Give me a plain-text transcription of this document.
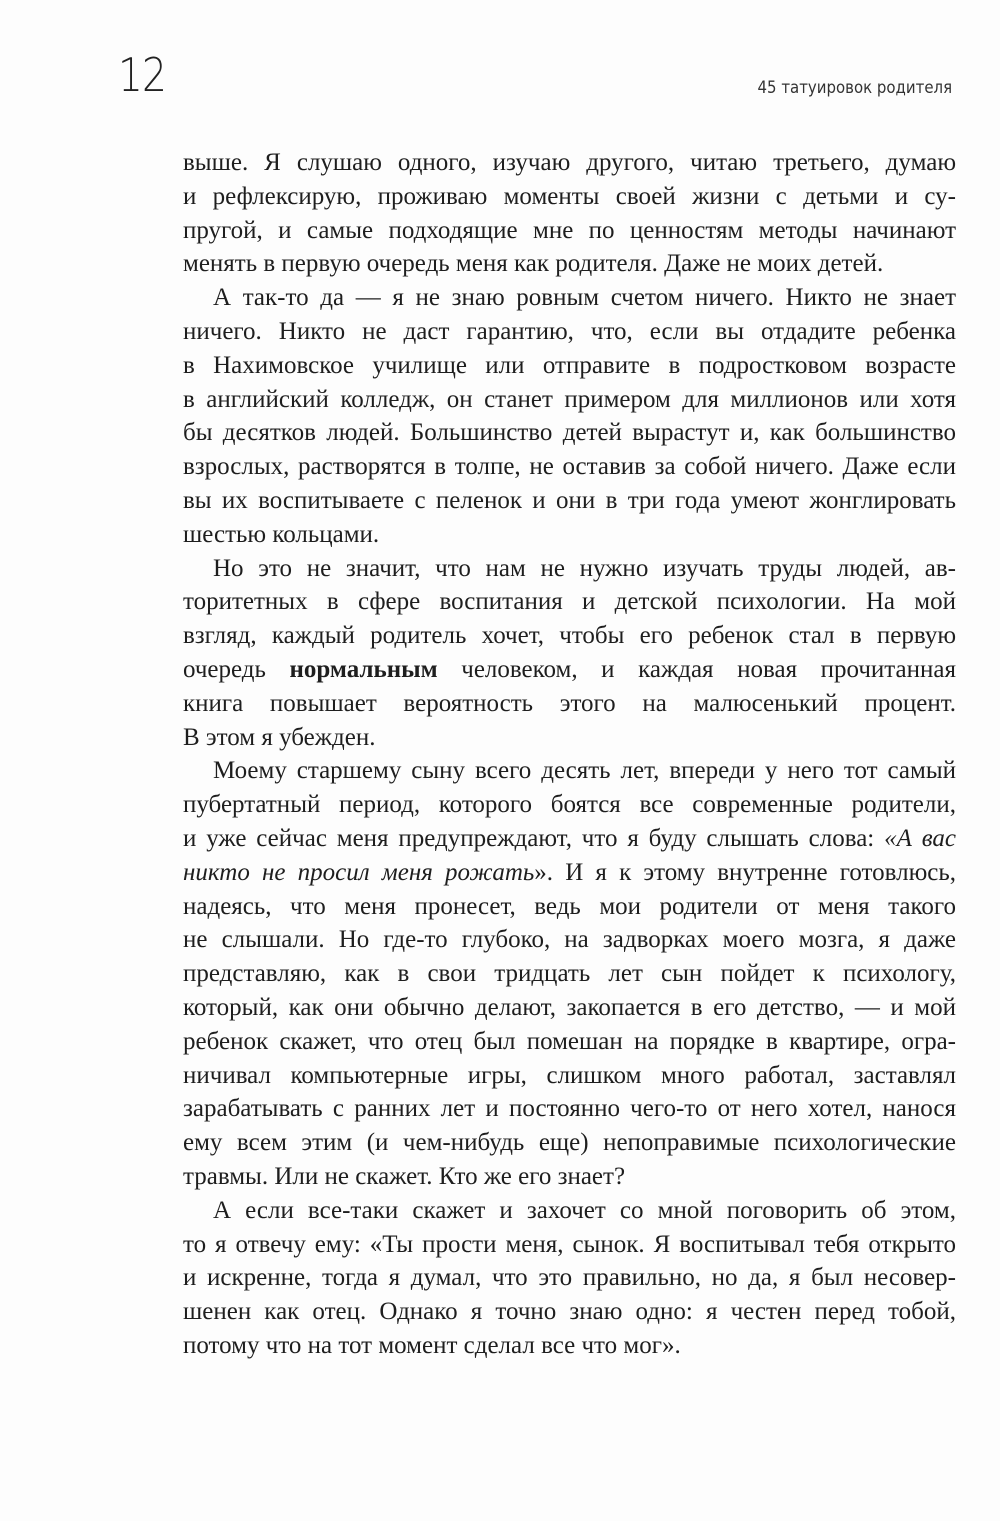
12	45 татуировок родителя
выше. Я слушаю одного, изучаю другого, читаю третьего, думаю
и рефлексирую, проживаю моменты своей жизни с детьми и су-
пругой, и самые подходящие мне по ценностям методы начинают
менять в первую очередь меня как родителя. Даже не моих детей.
А так-то да — я не знаю ровным счетом ничего. Никто не знает
ничего. Никто не даст гарантию, что, если вы отдадите ребенка
в Нахимовское училище или отправите в подростковом возрасте
в английский колледж, он станет примером для миллионов или хотя
бы десятков людей. Большинство детей вырастут и, как большинство
взрослых, растворятся в толпе, не оставив за собой ничего. Даже если
вы их воспитываете с пеленок и они в три года умеют жонглировать
шестью кольцами.
Но это не значит, что нам не нужно изучать труды людей, ав-
торитетных в сфере воспитания и детской психологии. На мой
взгляд, каждый родитель хочет, чтобы его ребенок стал в первую
очередь нормальным человеком, и каждая новая прочитанная
книга повышает вероятность этого на малюсенький процент.
В этом я убежден.
Моему старшему сыну всего десять лет, впереди у него тот самый
пубертатный период, которого боятся все современные родители,
и уже сейчас меня предупреждают, что я буду слышать слова: «А вас
никто не просил меня рожать». И я к этому внутренне готовлюсь,
надеясь, что меня пронесет, ведь мои родители от меня такого
не слышали. Но где-то глубоко, на задворках моего мозга, я даже
представляю, как в свои тридцать лет сын пойдет к психологу,
который, как они обычно делают, закопается в его детство, — и мой
ребенок скажет, что отец был помешан на порядке в квартире, огра-
ничивал компьютерные игры, слишком много работал, заставлял
зарабатывать с ранних лет и постоянно чего-то от него хотел, нанося
ему всем этим (и чем-нибудь еще) непоправимые психологические
травмы. Или не скажет. Кто же его знает?
А если все-таки скажет и захочет со мной поговорить об этом,
то я отвечу ему: «Ты прости меня, сынок. Я воспитывал тебя открыто
и искренне, тогда я думал, что это правильно, но да, я был несовер-
шенен как отец. Однако я точно знаю одно: я честен перед тобой,
потому что на тот момент сделал все что мог».
